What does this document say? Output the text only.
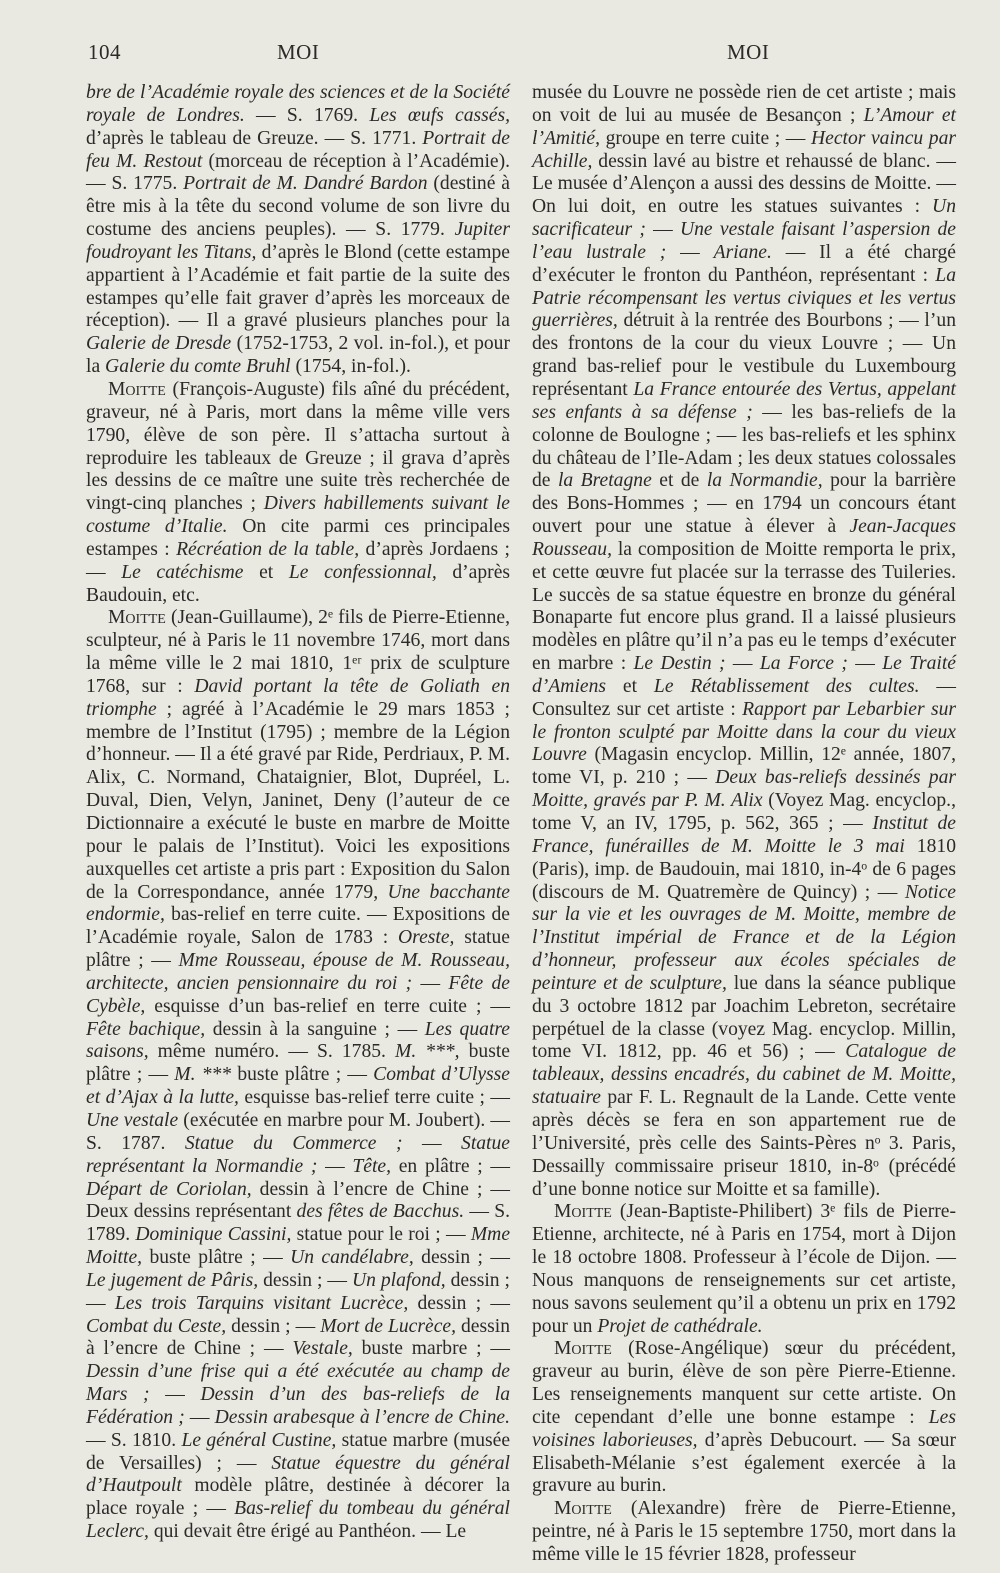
104	MOI	MOI

bre de l’Académie royale des sciences et de la Société royale de Londres. — S. 1769. Les œufs cassés, d’après le tableau de Greuze. — S. 1771. Portrait de feu M. Restout (morceau de réception à l’Académie). — S. 1775. Portrait de M. Dandré Bardon (destiné à être mis à la tête du second volume de son livre du costume des anciens peuples). — S. 1779. Jupiter foudroyant les Titans, d’après le Blond (cette estampe appartient à l’Académie et fait partie de la suite des estampes qu’elle fait graver d’après les morceaux de réception). — Il a gravé plusieurs planches pour la Galerie de Dresde (1752-1753, 2 vol. in-fol.), et pour la Galerie du comte Bruhl (1754, in-fol.).

Moitte (François-Auguste) fils aîné du précédent, graveur, né à Paris, mort dans la même ville vers 1790, élève de son père. Il s’attacha surtout à reproduire les tableaux de Greuze ; il grava d’après les dessins de ce maître une suite très recherchée de vingt-cinq planches ; Divers habillements suivant le costume d’Italie. On cite parmi ces principales estampes : Récréation de la table, d’après Jordaens ; — Le catéchisme et Le confessionnal, d’après Baudouin, etc.

Moitte (Jean-Guillaume), 2ᵉ fils de Pierre-Etienne, sculpteur, né à Paris le 11 novembre 1746, mort dans la même ville le 2 mai 1810, 1ᵉʳ prix de sculpture 1768, sur : David portant la tête de Goliath en triomphe ; agréé à l’Académie le 29 mars 1853 ; membre de l’Institut (1795) ; membre de la Légion d’honneur. — Il a été gravé par Ride, Perdriaux, P. M. Alix, C. Normand, Chataignier, Blot, Dupréel, L. Duval, Dien, Velyn, Janinet, Deny (l’auteur de ce Dictionnaire a exécuté le buste en marbre de Moitte pour le palais de l’Institut). Voici les expositions auxquelles cet artiste a pris part : Exposition du Salon de la Correspondance, année 1779, Une bacchante endormie, bas-relief en terre cuite. — Expositions de l’Académie royale, Salon de 1783 : Oreste, statue plâtre ; — Mme Rousseau, épouse de M. Rousseau, architecte, ancien pensionnaire du roi ; — Fête de Cybèle, esquisse d’un bas-relief en terre cuite ; — Fête bachique, dessin à la sanguine ; — Les quatre saisons, même numéro. — S. 1785. M. ***, buste plâtre ; — M. *** buste plâtre ; — Combat d’Ulysse et d’Ajax à la lutte, esquisse bas-relief terre cuite ; — Une vestale (exécutée en marbre pour M. Joubert). — S. 1787. Statue du Commerce ; — Statue représentant la Normandie ; — Tête, en plâtre ; — Départ de Coriolan, dessin à l’encre de Chine ; — Deux dessins représentant des fêtes de Bacchus. — S. 1789. Dominique Cassini, statue pour le roi ; — Mme Moitte, buste plâtre ; — Un candélabre, dessin ; — Le jugement de Pâris, dessin ; — Un plafond, dessin ; — Les trois Tarquins visitant Lucrèce, dessin ; — Combat du Ceste, dessin ; — Mort de Lucrèce, dessin à l’encre de Chine ; — Vestale, buste marbre ; — Dessin d’une frise qui a été exécutée au champ de Mars ; — Dessin d’un des bas-reliefs de la Fédération ; — Dessin arabesque à l’encre de Chine. — S. 1810. Le général Custine, statue marbre (musée de Versailles) ; — Statue équestre du général d’Hautpoult modèle plâtre, destinée à décorer la place royale ; — Bas-relief du tombeau du général Leclerc, qui devait être érigé au Panthéon. — Le

musée du Louvre ne possède rien de cet artiste ; mais on voit de lui au musée de Besançon ; L’Amour et l’Amitié, groupe en terre cuite ; — Hector vaincu par Achille, dessin lavé au bistre et rehaussé de blanc. — Le musée d’Alençon a aussi des dessins de Moitte. — On lui doit, en outre les statues suivantes : Un sacrificateur ; — Une vestale faisant l’aspersion de l’eau lustrale ; — Ariane. — Il a été chargé d’exécuter le fronton du Panthéon, représentant : La Patrie récompensant les vertus civiques et les vertus guerrières, détruit à la rentrée des Bourbons ; — l’un des frontons de la cour du vieux Louvre ; — Un grand bas-relief pour le vestibule du Luxembourg représentant La France entourée des Vertus, appelant ses enfants à sa défense ; — les bas-reliefs de la colonne de Boulogne ; — les bas-reliefs et les sphinx du château de l’Ile-Adam ; les deux statues colossales de la Bretagne et de la Normandie, pour la barrière des Bons-Hommes ; — en 1794 un concours étant ouvert pour une statue à élever à Jean-Jacques Rousseau, la composition de Moitte remporta le prix, et cette œuvre fut placée sur la terrasse des Tuileries. Le succès de sa statue équestre en bronze du général Bonaparte fut encore plus grand. Il a laissé plusieurs modèles en plâtre qu’il n’a pas eu le temps d’exécuter en marbre : Le Destin ; — La Force ; — Le Traité d’Amiens et Le Rétablissement des cultes. — Consultez sur cet artiste : Rapport par Lebarbier sur le fronton sculpté par Moitte dans la cour du vieux Louvre (Magasin encyclop. Millin, 12ᵉ année, 1807, tome VI, p. 210 ; — Deux bas-reliefs dessinés par Moitte, gravés par P. M. Alix (Voyez Mag. encyclop., tome V, an IV, 1795, p. 562, 365 ; — Institut de France, funérailles de M. Moitte le 3 mai 1810 (Paris), imp. de Baudouin, mai 1810, in-4ᵒ de 6 pages (discours de M. Quatremère de Quincy) ; — Notice sur la vie et les ouvrages de M. Moitte, membre de l’Institut impérial de France et de la Légion d’honneur, professeur aux écoles spéciales de peinture et de sculpture, lue dans la séance publique du 3 octobre 1812 par Joachim Lebreton, secrétaire perpétuel de la classe (voyez Mag. encyclop. Millin, tome VI. 1812, pp. 46 et 56) ; — Catalogue de tableaux, dessins encadrés, du cabinet de M. Moitte, statuaire par F. L. Regnault de la Lande. Cette vente après décès se fera en son appartement rue de l’Université, près celle des Saints-Pères nᵒ 3. Paris, Dessailly commissaire priseur 1810, in-8ᵒ (précédé d’une bonne notice sur Moitte et sa famille).

Moitte (Jean-Baptiste-Philibert) 3ᵉ fils de Pierre-Etienne, architecte, né à Paris en 1754, mort à Dijon le 18 octobre 1808. Professeur à l’école de Dijon. — Nous manquons de renseignements sur cet artiste, nous savons seulement qu’il a obtenu un prix en 1792 pour un Projet de cathédrale.

Moitte (Rose-Angélique) sœur du précédent, graveur au burin, élève de son père Pierre-Etienne. Les renseignements manquent sur cette artiste. On cite cependant d’elle une bonne estampe : Les voisines laborieuses, d’après Debucourt. — Sa sœur Elisabeth-Mélanie s’est également exercée à la gravure au burin.

Moitte (Alexandre) frère de Pierre-Etienne, peintre, né à Paris le 15 septembre 1750, mort dans la même ville le 15 février 1828, professeur
